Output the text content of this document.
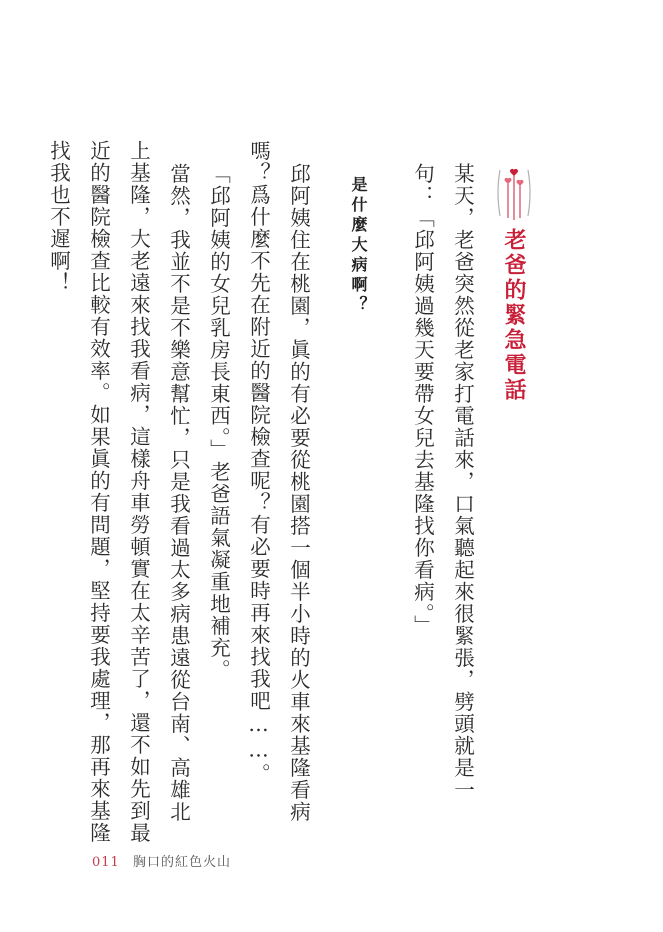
老爸的緊急電話
某天，老爸突然從老家打電話來，口氣聽起來很緊張，劈頭就是一
句：「邱阿姨過幾天要帶女兒去基隆找你看病。」
是什麼大病啊？
邱阿姨住在桃園，眞的有必要從桃園搭一個半小時的火車來基隆看病
嗎？爲什麼不先在附近的醫院檢查呢？有必要時再來找我吧……。
「邱阿姨的女兒乳房長東西。」老爸語氣凝重地補充。
當然，我並不是不樂意幫忙，只是我看過太多病患遠從台南、高雄北
上基隆，大老遠來找我看病，這樣舟車勞頓實在太辛苦了，還不如先到最
近的醫院檢查比較有效率。如果眞的有問題，堅持要我處理，那再來基隆
找我也不遲啊！
011 胸口的紅色火山
